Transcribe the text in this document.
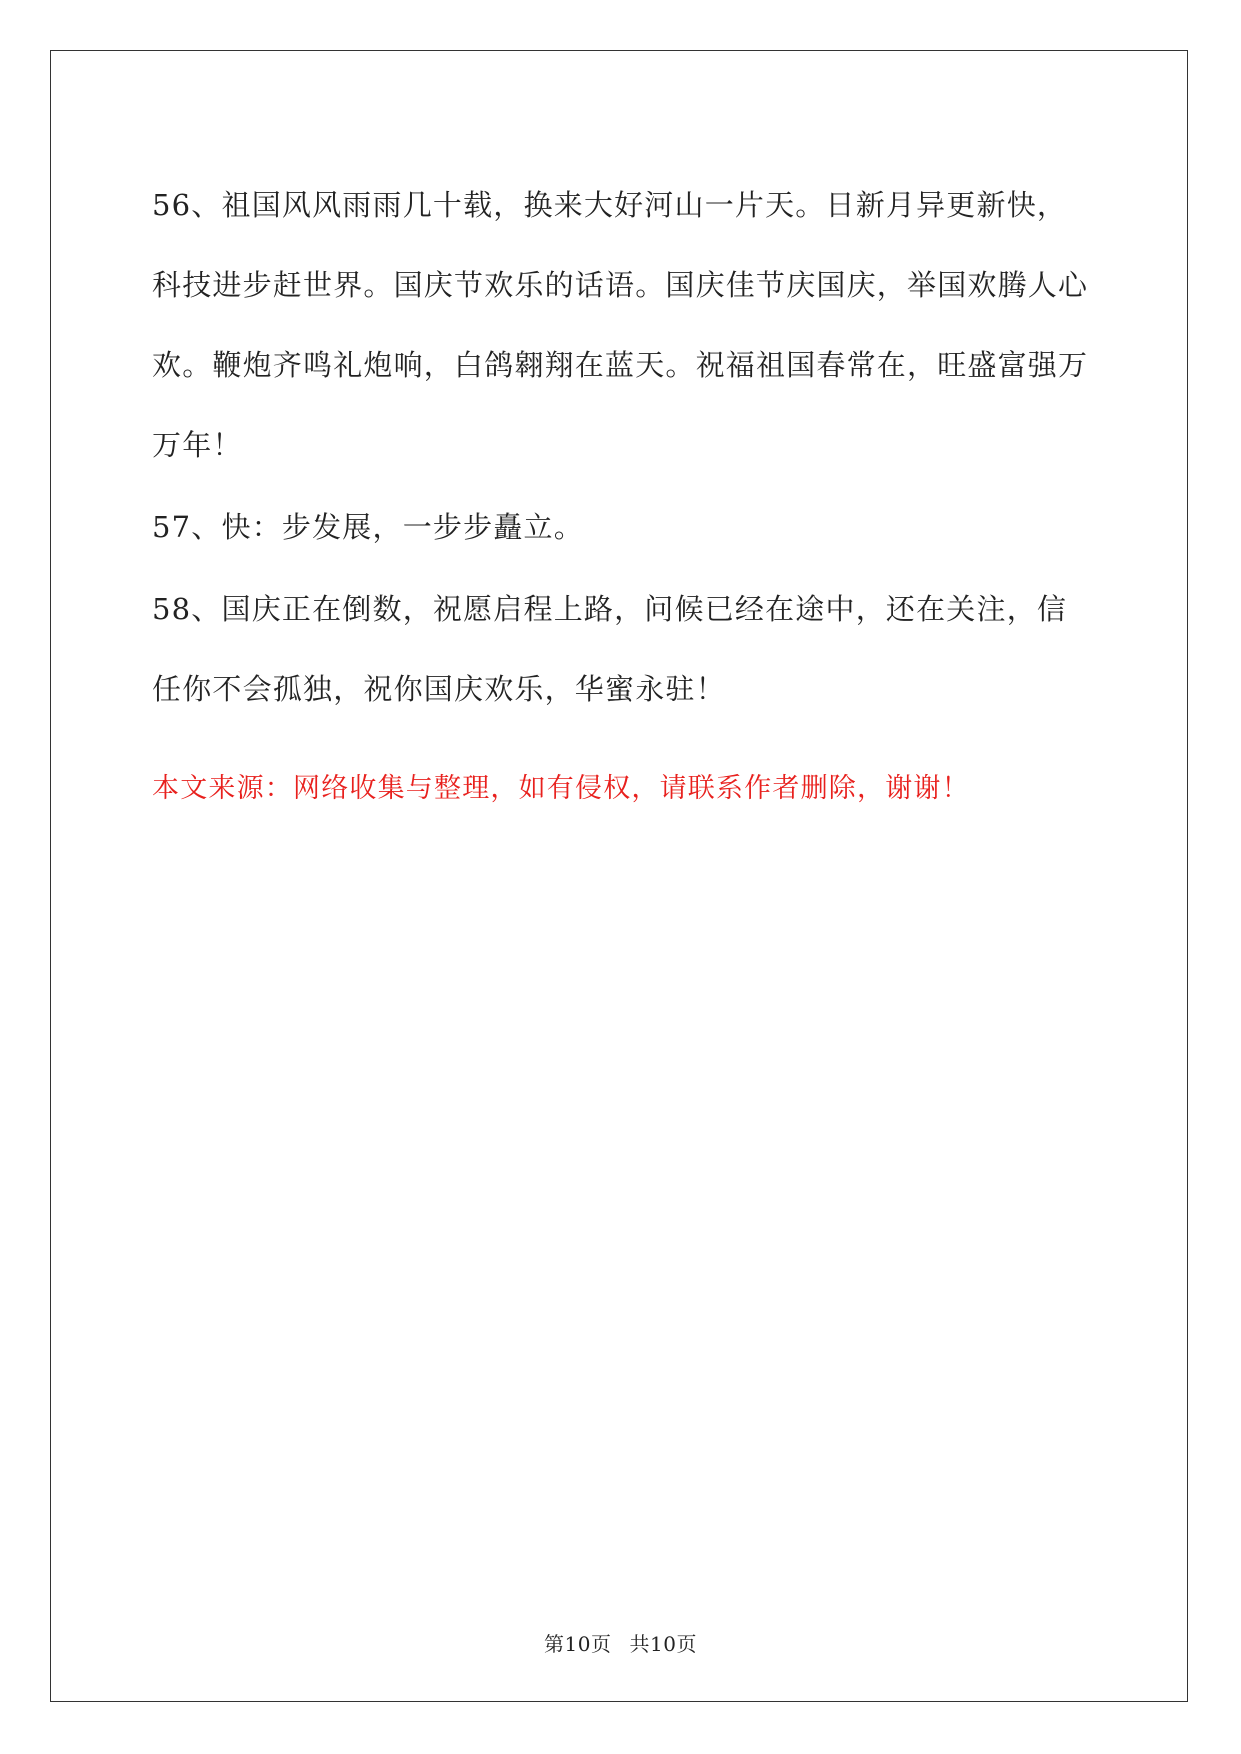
56、祖国风风雨雨几十载，换来大好河山一片天。日新月异更新快，科技进步赶世界。国庆节欢乐的话语。国庆佳节庆国庆，举国欢腾人心欢。鞭炮齐鸣礼炮响，白鸽翱翔在蓝天。祝福祖国春常在，旺盛富强万万年！

57、快：步发展，一步步矗立。

58、国庆正在倒数，祝愿启程上路，问候已经在途中，还在关注，信任你不会孤独，祝你国庆欢乐，华蜜永驻！

本文来源：网络收集与整理，如有侵权，请联系作者删除，谢谢！

第10页 共10页
